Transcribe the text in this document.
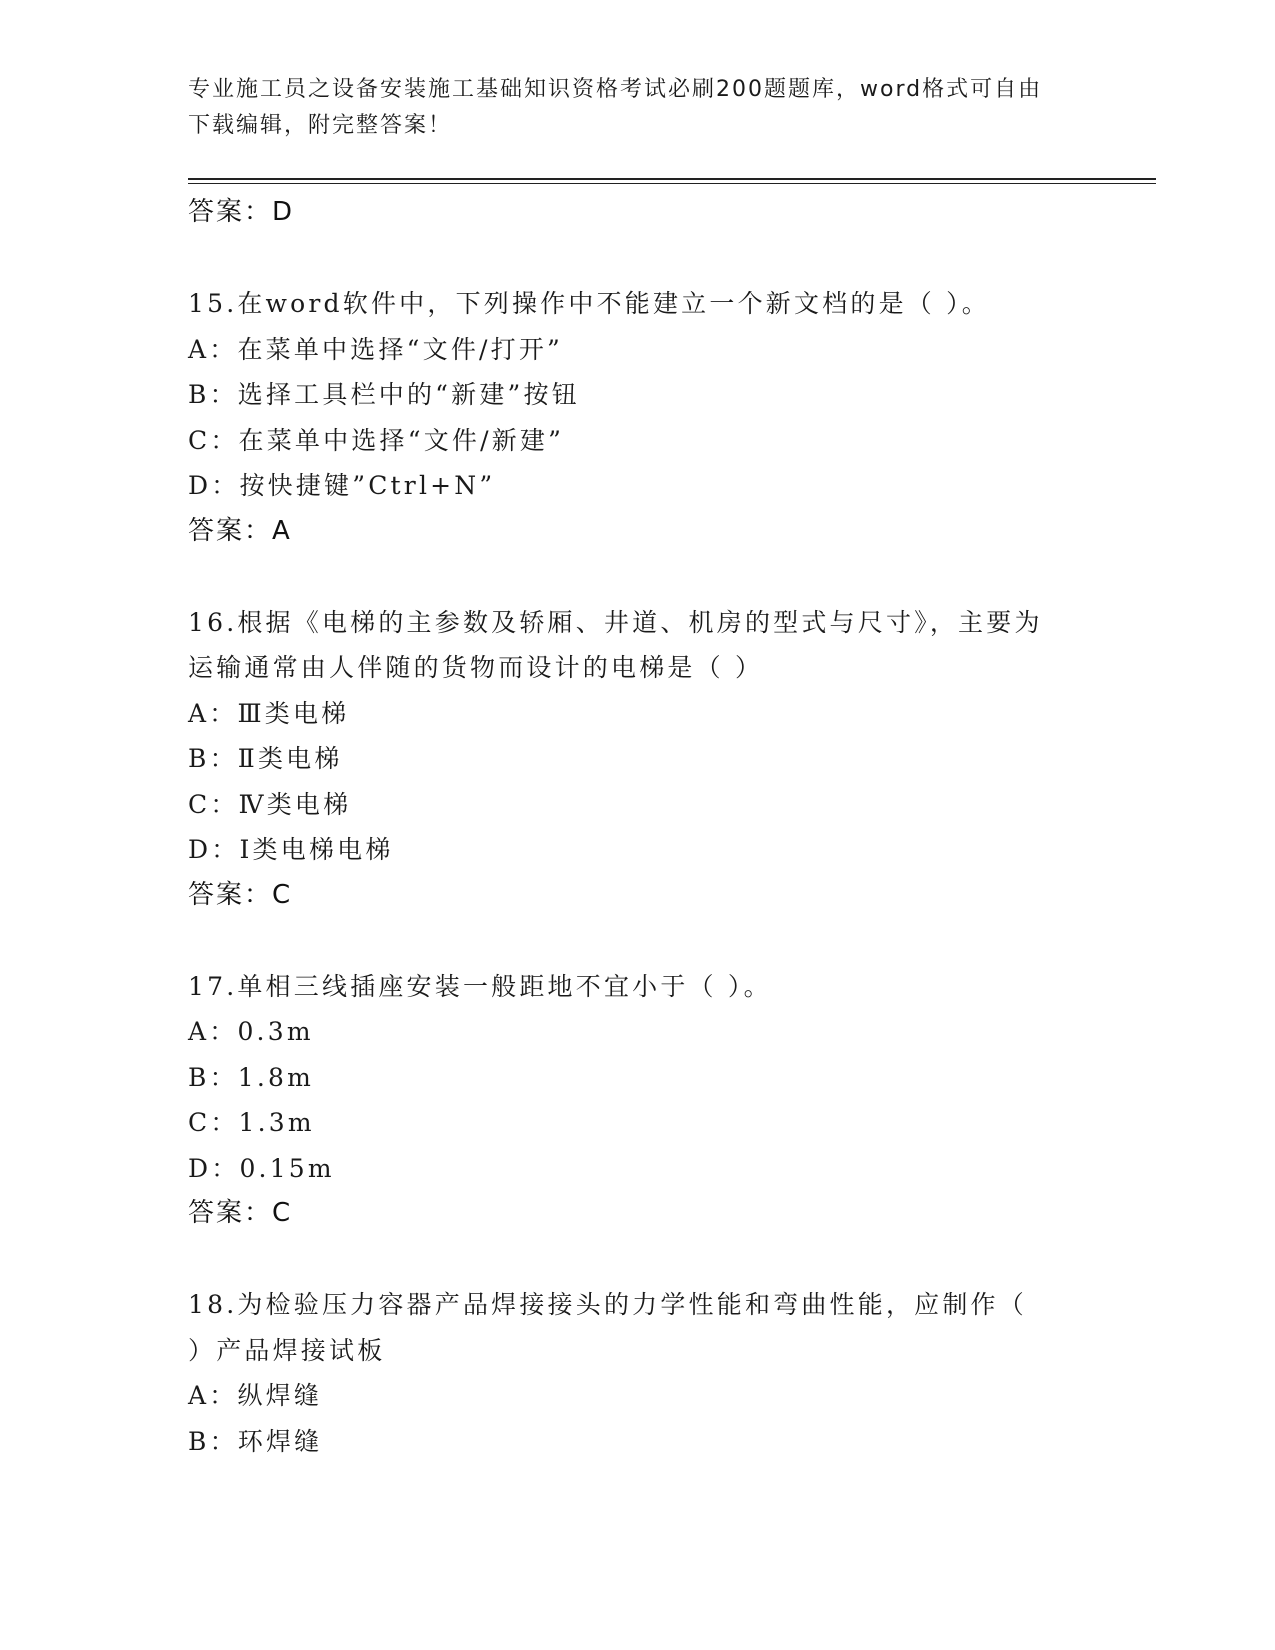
专业施工员之设备安装施工基础知识资格考试必刷200题题库，word格式可自由
下载编辑，附完整答案！
答案：D
15.在word软件中，下列操作中不能建立一个新文档的是（ ）。
A：在菜单中选择“文件/打开”
B：选择工具栏中的“新建”按钮
C：在菜单中选择“文件/新建”
D：按快捷键”Ctrl+N”
答案：A
16.根据《电梯的主参数及轿厢、井道、机房的型式与尺寸》，主要为
运输通常由人伴随的货物而设计的电梯是（ ）
A：Ⅲ类电梯
B：Ⅱ类电梯
C：Ⅳ类电梯
D：Ⅰ类电梯电梯
答案：C
17.单相三线插座安装一般距地不宜小于（ ）。
A：0.3m
B：1.8m
C：1.3m
D：0.15m
答案：C
18.为检验压力容器产品焊接接头的力学性能和弯曲性能，应制作（
）产品焊接试板
A：纵焊缝
B：环焊缝
